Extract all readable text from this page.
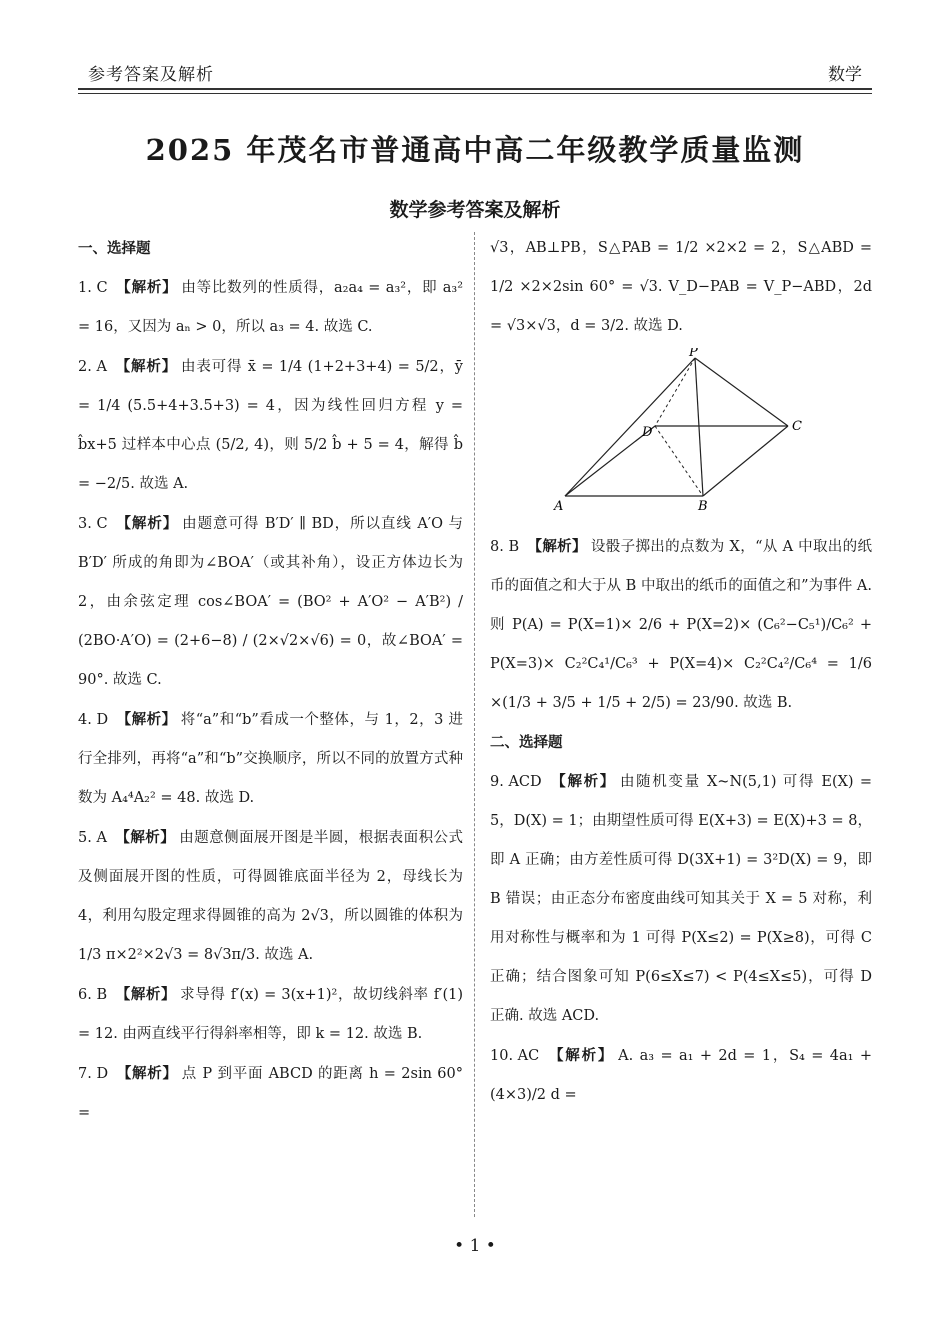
参考答案及解析	数学
2025 年茂名市普通高中高二年级教学质量监测
数学参考答案及解析

一、选择题

1. C 【解析】 由等比数列的性质得，a₂a₄ = a₃²，即 a₃² = 16，又因为 aₙ > 0，所以 a₃ = 4. 故选 C.

2. A 【解析】 由表可得 x̄ = 1/4 (1+2+3+4) = 5/2，ȳ = 1/4 (5.5+4+3.5+3) = 4，因为线性回归方程 y = b̂x+5 过样本中心点 (5/2, 4)，则 5/2 b̂ + 5 = 4，解得 b̂ = −2/5. 故选 A.

3. C 【解析】 由题意可得 B′D′ ∥ BD，所以直线 A′O 与 B′D′ 所成的角即为∠BOA′（或其补角），设正方体边长为 2，由余弦定理 cos∠BOA′ = (BO² + A′O² − A′B²) / (2BO·A′O) = (2+6−8) / (2×√2×√6) = 0，故∠BOA′ = 90°. 故选 C.

4. D 【解析】 将“a”和“b”看成一个整体，与 1，2，3 进行全排列，再将“a”和“b”交换顺序，所以不同的放置方式种数为 A₄⁴A₂² = 48. 故选 D.

5. A 【解析】 由题意侧面展开图是半圆，根据表面积公式及侧面展开图的性质，可得圆锥底面半径为 2，母线长为 4，利用勾股定理求得圆锥的高为 2√3，所以圆锥的体积为 1/3 π×2²×2√3 = 8√3π/3. 故选 A.

6. B 【解析】 求导得 f′(x) = 3(x+1)²，故切线斜率 f′(1) = 12. 由两直线平行得斜率相等，即 k = 12. 故选 B.

7. D 【解析】 点 P 到平面 ABCD 的距离 h = 2sin 60° =

√3，AB⊥PB，S△PAB = 1/2 ×2×2 = 2，S△ABD = 1/2 ×2×2sin 60° = √3. V_D−PAB = V_P−ABD，2d = √3×√3，d = 3/2. 故选 D.

P
A	B
C
D

8. B 【解析】 设骰子掷出的点数为 X，“从 A 中取出的纸币的面值之和大于从 B 中取出的纸币的面值之和”为事件 A. 则 P(A) = P(X=1)× 2/6 + P(X=2)× (C₆²−C₅¹)/C₆² + P(X=3)× C₂²C₄¹/C₆³ + P(X=4)× C₂²C₄²/C₆⁴ = 1/6 ×(1/3 + 3/5 + 1/5 + 2/5) = 23/90. 故选 B.

二、选择题

9. ACD 【解析】 由随机变量 X~N(5,1) 可得 E(X) = 5，D(X) = 1；由期望性质可得 E(X+3) = E(X)+3 = 8，即 A 正确；由方差性质可得 D(3X+1) = 3²D(X) = 9，即 B 错误；由正态分布密度曲线可知其关于 X = 5 对称，利用对称性与概率和为 1 可得 P(X≤2) = P(X≥8)，可得 C 正确；结合图象可知 P(6≤X≤7) < P(4≤X≤5)，可得 D 正确. 故选 ACD.

10. AC 【解析】 A. a₃ = a₁ + 2d = 1，S₄ = 4a₁ + (4×3)/2 d =

• 1 •
